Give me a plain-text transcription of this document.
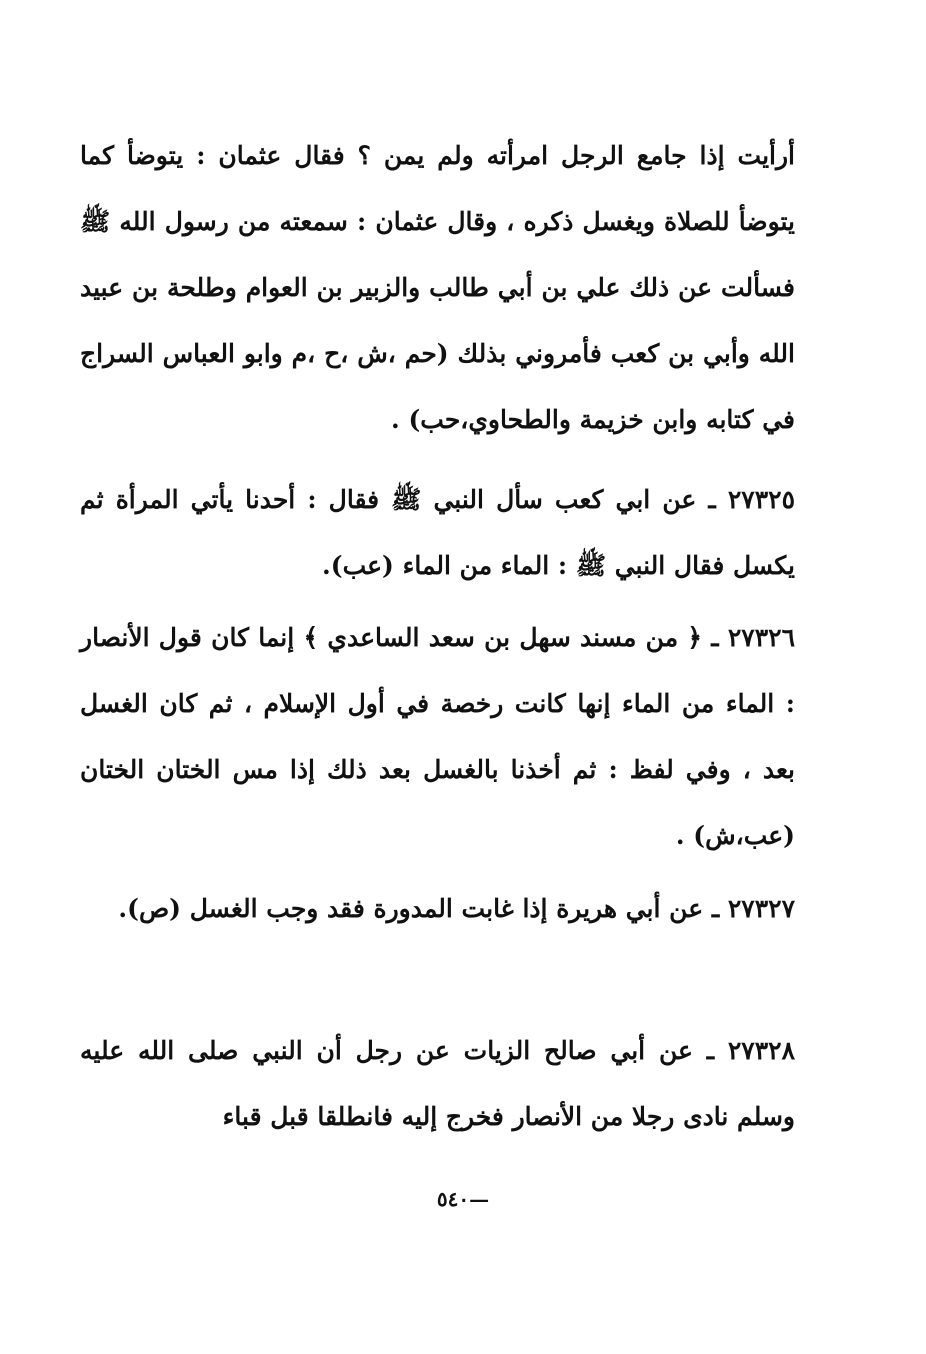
أرأيت إذا جامع الرجل امرأته ولم يمن ؟ فقال عثمان : يتوضأ كما يتوضأ للصلاة ويغسل ذكره ، وقال عثمان : سمعته من رسول الله ﷺ فسألت عن ذلك علي بن أبي طالب والزبير بن العوام وطلحة بن عبيد الله وأبي بن كعب فأمروني بذلك (حم ،ش ،ح ،م وابو العباس السراج في كتابه وابن خزيمة والطحاوي،حب) .

٢٧٣٢٥ ـ عن ابي كعب سأل النبي ﷺ فقال : أحدنا يأتي المرأة ثم يكسل فقال النبي ﷺ : الماء من الماء (عب).

٢٧٣٢٦ ـ ﴿ من مسند سهل بن سعد الساعدي ﴾ إنما كان قول الأنصار : الماء من الماء إنها كانت رخصة في أول الإسلام ، ثم كان الغسل بعد ، وفي لفظ : ثم أخذنا بالغسل بعد ذلك إذا مس الختان الختان (عب،ش) .

٢٧٣٢٧ ـ عن أبي هريرة إذا غابت المدورة فقد وجب الغسل (ص).

٢٧٣٢٨ ـ عن أبي صالح الزيات عن رجل أن النبي صلى الله عليه وسلم نادى رجلا من الأنصار فخرج إليه فانطلقا قبل قباء

—٥٤٠
